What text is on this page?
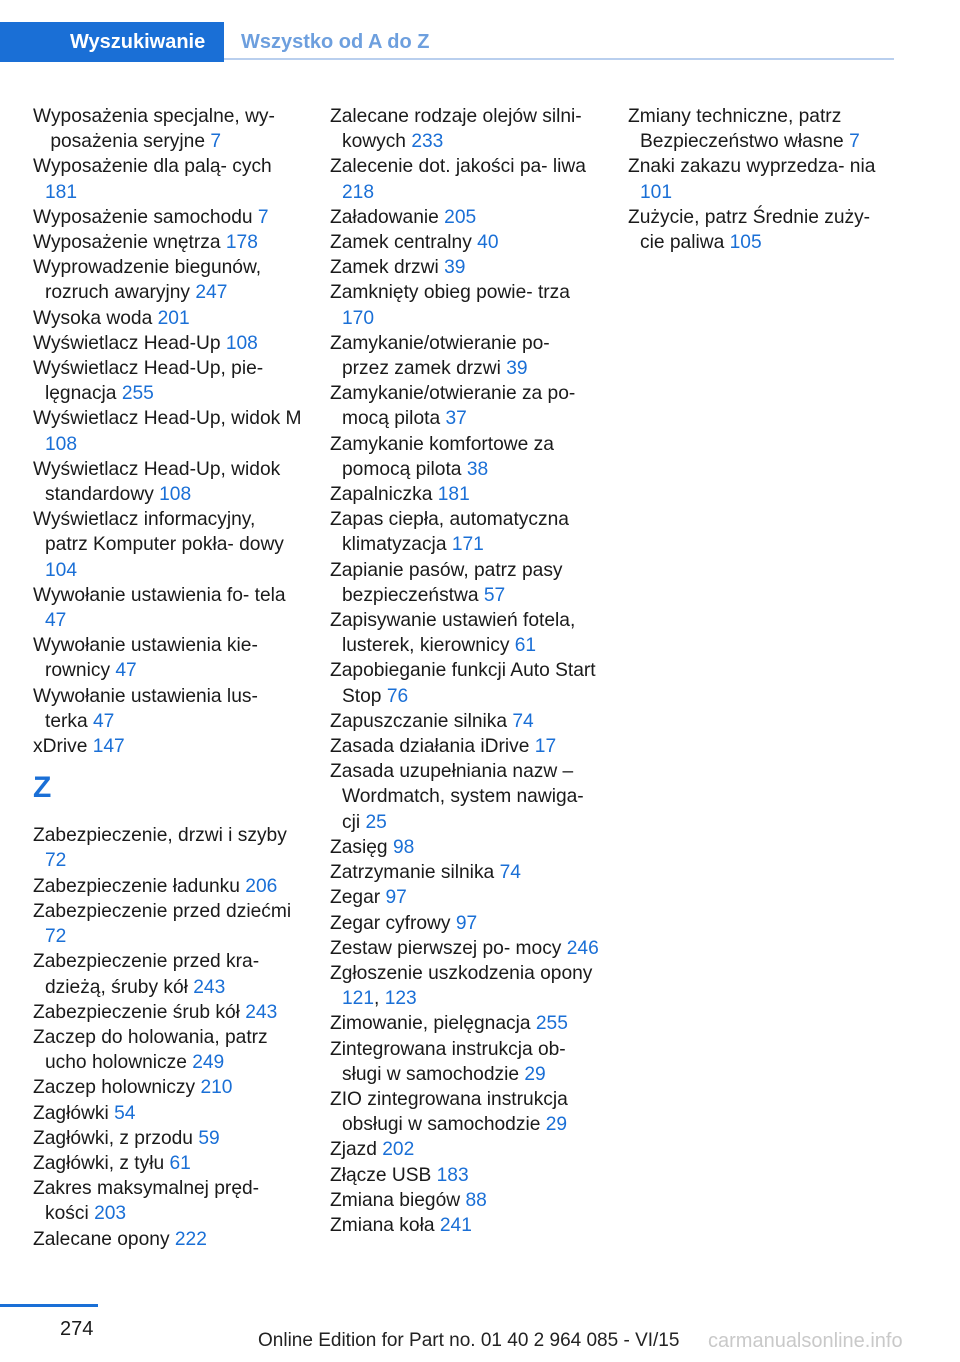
Wyszukiwanie	Wszystko od A do Z
Wyposażenia specjalne, wy‐ posażenia seryjne 7
Wyposażenie dla palą‐ cych 181
Wyposażenie samochodu 7
Wyposażenie wnętrza 178
Wyprowadzenie biegunów, rozruch awaryjny 247
Wysoka woda 201
Wyświetlacz Head-Up 108
Wyświetlacz Head-Up, pie‐ lęgnacja 255
Wyświetlacz Head-Up, widok M 108
Wyświetlacz Head-Up, widok standardowy 108
Wyświetlacz informacyjny, patrz Komputer pokła‐ dowy 104
Wywołanie ustawienia fo‐ tela 47
Wywołanie ustawienia kie‐ rownicy 47
Wywołanie ustawienia lus‐ terka 47
xDrive 147
Z
Zabezpieczenie, drzwi i szyby 72
Zabezpieczenie ładunku 206
Zabezpieczenie przed dziećmi 72
Zabezpieczenie przed kra‐ dzieżą, śruby kół 243
Zabezpieczenie śrub kół 243
Zaczep do holowania, patrz ucho holownicze 249
Zaczep holowniczy 210
Zagłówki 54
Zagłówki, z przodu 59
Zagłówki, z tyłu 61
Zakres maksymalnej pręd‐ kości 203
Zalecane opony 222
Zalecane rodzaje olejów silni‐ kowych 233
Zalecenie dot. jakości pa‐ liwa 218
Załadowanie 205
Zamek centralny 40
Zamek drzwi 39
Zamknięty obieg powie‐ trza 170
Zamykanie/otwieranie po‐ przez zamek drzwi 39
Zamykanie/otwieranie za po‐ mocą pilota 37
Zamykanie komfortowe za pomocą pilota 38
Zapalniczka 181
Zapas ciepła, automatyczna klimatyzacja 171
Zapianie pasów, patrz pasy bezpieczeństwa 57
Zapisywanie ustawień fotela, lusterek, kierownicy 61
Zapobieganie funkcji Auto Start Stop 76
Zapuszczanie silnika 74
Zasada działania iDrive 17
Zasada uzupełniania nazw – Wordmatch, system nawiga‐ cji 25
Zasięg 98
Zatrzymanie silnika 74
Zegar 97
Zegar cyfrowy 97
Zestaw pierwszej po‐ mocy 246
Zgłoszenie uszkodzenia opony 121, 123
Zimowanie, pielęgnacja 255
Zintegrowana instrukcja ob‐ sługi w samochodzie 29
ZIO zintegrowana instrukcja obsługi w samochodzie 29
Zjazd 202
Złącze USB 183
Zmiana biegów 88
Zmiana koła 241
Zmiany techniczne, patrz Bezpieczeństwo własne 7
Znaki zakazu wyprzedza‐ nia 101
Zużycie, patrz Średnie zuży‐ cie paliwa 105
274
Online Edition for Part no. 01 40 2 964 085 - VI/15 carmanualsonline.info
